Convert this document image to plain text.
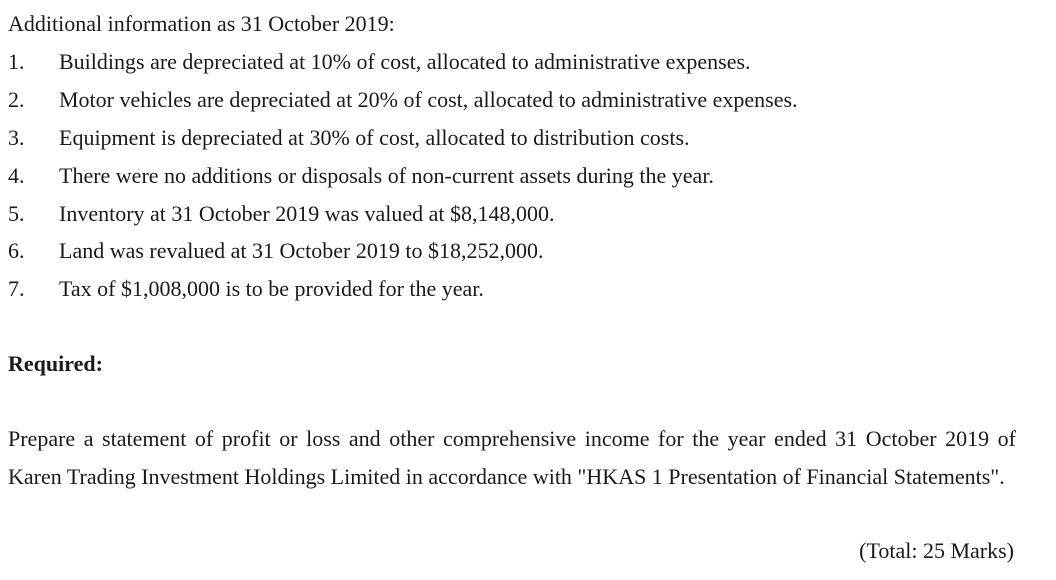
Additional information as 31 October 2019:
1.	Buildings are depreciated at 10% of cost, allocated to administrative expenses.
2.	Motor vehicles are depreciated at 20% of cost, allocated to administrative expenses.
3.	Equipment is depreciated at 30% of cost, allocated to distribution costs.
4.	There were no additions or disposals of non-current assets during the year.
5.	Inventory at 31 October 2019 was valued at $8,148,000.
6.	Land was revalued at 31 October 2019 to $18,252,000.
7.	Tax of $1,008,000 is to be provided for the year.
Required:
Prepare a statement of profit or loss and other comprehensive income for the year ended 31 October 2019 of Karen Trading Investment Holdings Limited in accordance with "HKAS 1 Presentation of Financial Statements".
(Total: 25 Marks)
